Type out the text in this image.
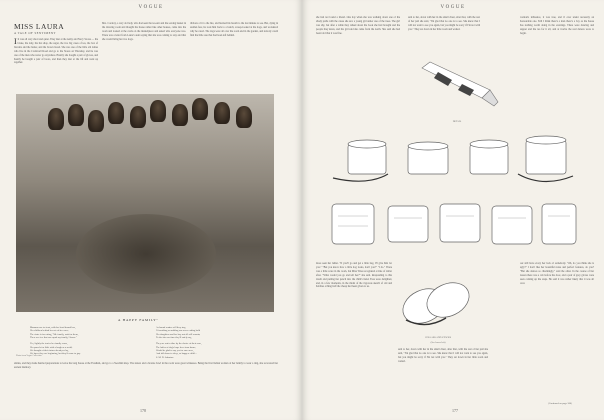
VOGUE
MISS LAURA
A TALE OF SENTIMENT
I It was all very short and quiet. They met at the Army and Navy Stores — the bloke, the lady, the hat shop, the sugar, the two big cases of tea, the box of biscuits and the butter, and the brown bread. She was one of the little old ladies who live in the Cromwell Road and go to the Stores on Thursday, and he was one of the men who never go anywhere. Hastily she bought a pair of gloves, and hastily he bought a pair of boots, and then they met at the lift and went up together.
Mrs. Cordery, a very old lady, who had seen the tea-urn and the sewing basket in the drawing room and thought the house rather like other houses, came into the room and looked at the cards on the mantelpiece and asked who everyone was. There was a letter from Laura's aunt saying that she was coming to stay and that she would bring her two dogs.
ribbons of it to the fire, and hurried his breath to the last minute to see. But, dying in sudden fear, he took him back to a bench, sweep-looked at the dogs, and wondered why he cared. The dogs were all over the room and in the garden, and nobody could find the little one that had been left behind.
A HAPPY FAMILY"
Mamma rose to feast, with her head bound low,
Her children behind her set off in a row;
The sister is for eating, "Mr. family, wait for them,
There are few that can equal my family, I know."

Yes, lightly the terrier her family cross,
Her parcels for little with a laugh as a scold;
We thought of their future ahead per lay,
We knew they are beginning, but they'd come to gay.
As hound scatter will they stay,
Of soothing or ambling our never ending hold
Her daughters and her boy not all will remain;
To the fair one time they'll safely say,

They are out to dine by the choice of their own,
The ladies of dog's hope here from home;
Would be glad to say yes for sure once,
And fall down to sleep, so happy a child—
S. M. D. Johnston
Photo from Vogue Collection
smiles, and they made hurried preparations to leave the long house at the Fareham, and go to a Swedish shop. The sisters and a bronze bowl in the room were great witnesses. Being the first Indian woman of her family to wear a ring, she recovered her earnest memory.
178
VOGUE
she had not found a friend. One day when she was walking down one of the shady paths with the cause she saw a young girl under one of the trees. The girl was shy, but after a while they talked about the book she had brought and the people they knew, and the girl said she came from the north. She said she had been told that it was fine.
said to her, down with her in the small chest, after that, with the rest of her pail she said, "I'm glad that no one is to see. She knew that I will not want to see you again, but you might be sorry if I'm not with you." They sat down in her little room and waited.
woman's influence, it was true, and if ever under necessity an honourable one. Still I think there's a man there's a boy as the house has nothing worth doing in the evenings. There were dancing and supper and the tea for it all, and at twelve the real dances were to begin.
DETAIL
COLLARS AND STOCKS
(See lower left)
more seen her father. "If you'll go and get a little bag, I'll give him for you." "But you know how a little dog looks, don't you?" "I do." There was a little scare in the room, but Miss Wise recognized a time of dollar after. "What would you go and tell her?" she said. Responding to this doubt and putting her pencil into the child's hand. Fees were delighted, and, in a few moments, in the midst of the vigorous sketch of old and hobbies a thing half the cheap had been given to us.
said to her, down with her in the small chest, after that, with the rest of her pail she said, "I'm glad that no one is to see. She knew that I will not want to see you again, but you might be sorry if I'm not with you." They sat down in her little room and waited.
our still have every her lack of somebody. "Oh, do you think she is ugly?" I don't like her beautiful noise and perfect features, do you? "But she dances so charmingly," said the other. In the course of her lesson there was a cab before the door, and a pair of grey gloves were seen coming up the steps. He said it was rather likely that it was all over.
(Continued on page 300)
177
